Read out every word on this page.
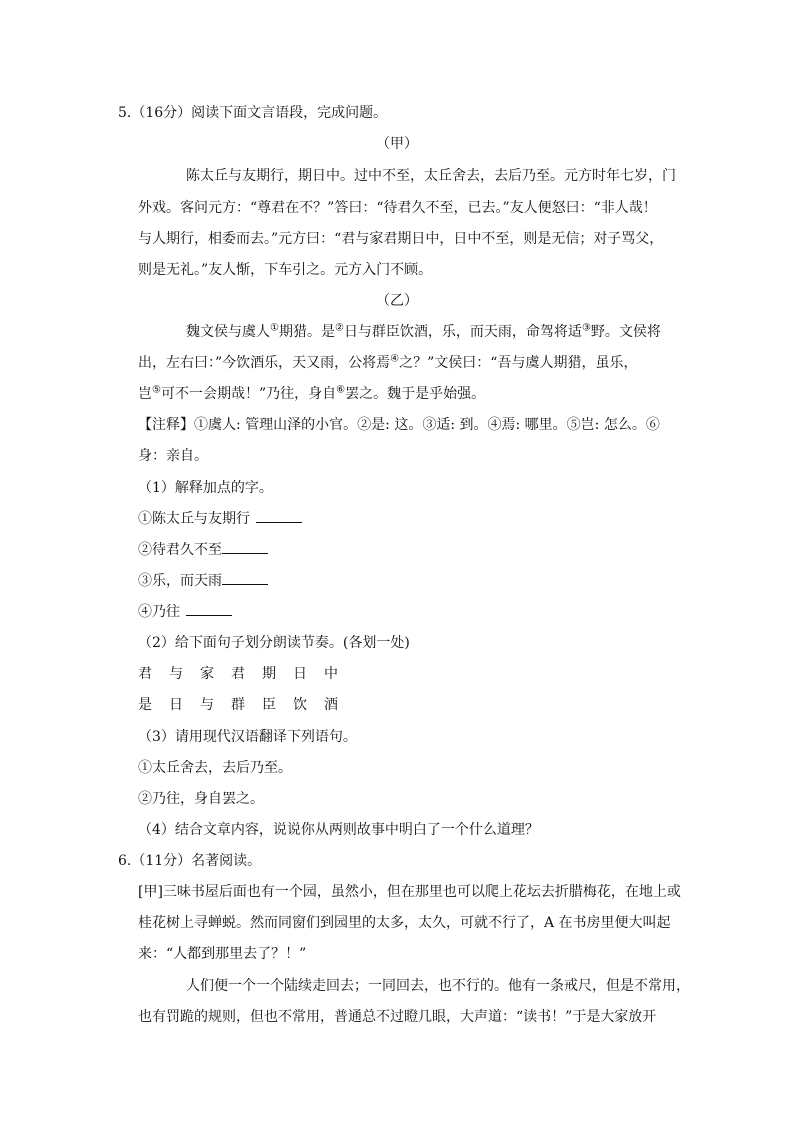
5.（16分）阅读下面文言语段，完成问题。
（甲）
陈太丘与友期行，期日中。过中不至，太丘舍去，去后乃至。元方时年七岁，门
外戏。客问元方：“尊君在不？”答曰：“待君久不至，已去。”友人便怒曰：“非人哉！
与人期行，相委而去。”元方曰：“君与家君期日中，日中不至，则是无信；对子骂父，
则是无礼。”友人惭，下车引之。元方入门不顾。
（乙）
魏文侯与虞人①期猎。是②日与群臣饮酒，乐，而天雨，命驾将适③野。文侯将
出，左右曰：”今饮酒乐，天又雨，公将焉④之？”文侯曰：“吾与虞人期猎，虽乐，
岂⑤可不一会期哉！”乃往，身自⑥罢之。魏于是乎始强。
【注释】①虞人: 管理山泽的小官。②是: 这。③适: 到。④焉: 哪里。⑤岂: 怎么。⑥
身：亲自。
（1）解释加点的字。
①陈太丘与友期行
②待君久不至
③乐，而天雨
④乃往
（2）给下面句子划分朗读节奏。(各划一处)
君 与 家 君 期 日 中
是 日 与 群 臣 饮 酒
（3）请用现代汉语翻译下列语句。
①太丘舍去，去后乃至。
②乃往，身自罢之。
（4）结合文章内容，说说你从两则故事中明白了一个什么道理？
6.（11分）名著阅读。
[甲]三味书屋后面也有一个园，虽然小，但在那里也可以爬上花坛去折腊梅花，在地上或
桂花树上寻蝉蜕。然而同窗们到园里的太多，太久，可就不行了，A 在书房里便大叫起
来：“人都到那里去了？！”
人们便一个一个陆续走回去；一同回去，也不行的。他有一条戒尺，但是不常用，
也有罚跪的规则，但也不常用，普通总不过瞪几眼，大声道：“读书！”于是大家放开
